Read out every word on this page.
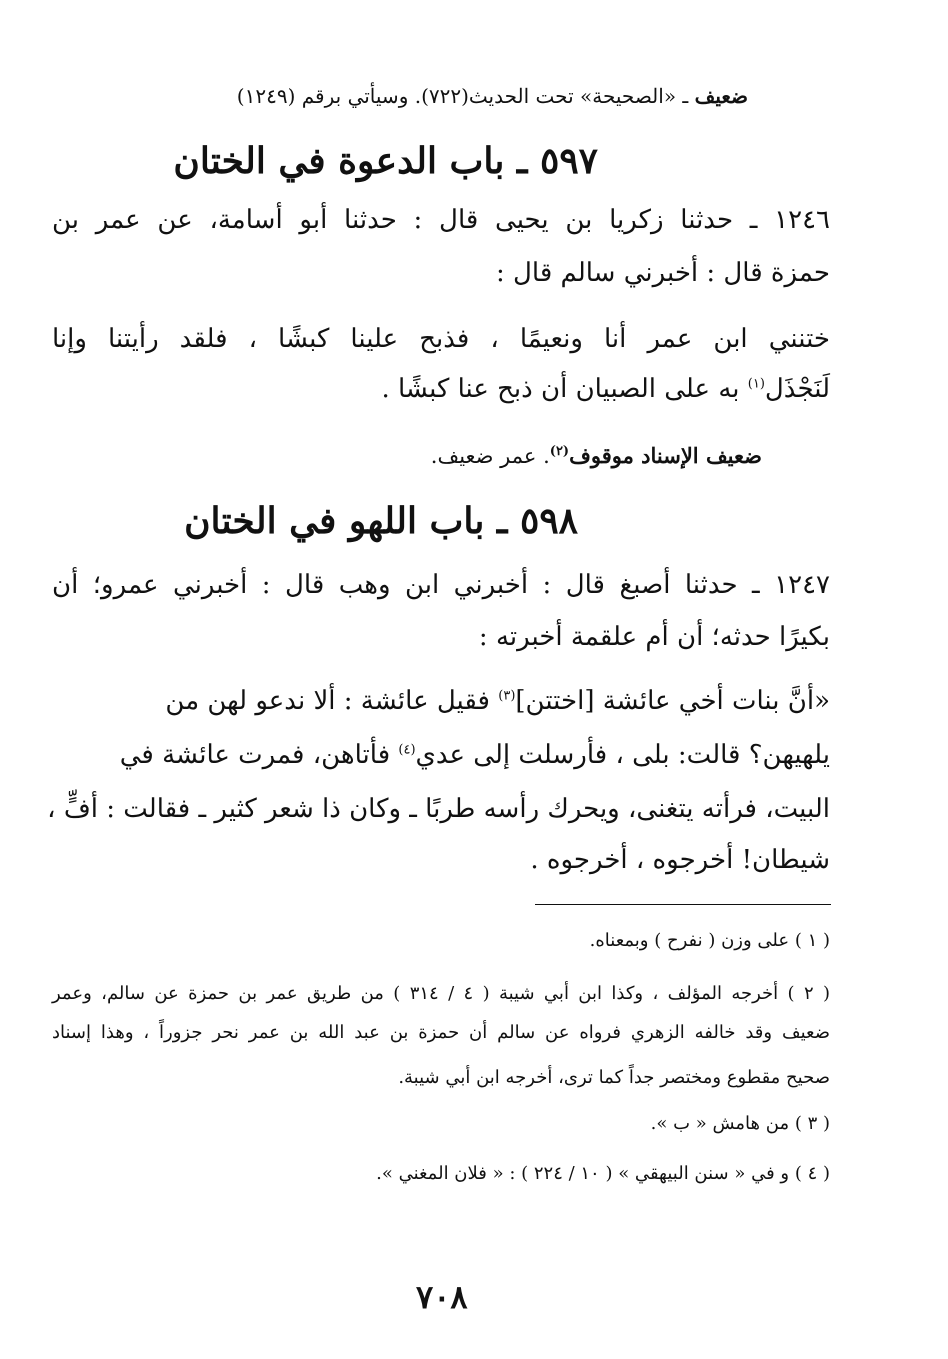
ضعيف ـ «الصحيحة» تحت الحديث(٧٢٢). وسيأتي برقم (١٢٤٩)
٥٩٧ ـ باب الدعوة في الختان
١٢٤٦ ـ حدثنا زكريا بن يحيى قال : حدثنا أبو أسامة، عن عمر بن
حمزة قال : أخبرني سالم قال :
ختنني ابن عمر أنا ونعيمًا ، فذبح علينا كبشًا ، فلقد رأيتنا وإنا
لَنَجْذَل$^{(١)}$ به على الصبيان أن ذبح عنا كبشًا .
ضعيف الإسناد موقوف$^{(٢)}$. عمر ضعيف.
٥٩٨ ـ باب اللهو في الختان
١٢٤٧ ـ حدثنا أصبغ قال : أخبرني ابن وهب قال : أخبرني عمرو؛ أن
بكيرًا حدثه؛ أن أم علقمة أخبرته :
«أنَّ بنات أخي عائشة [اختتن]$^{(٣)}$ فقيل عائشة : ألا ندعو لهن من
يلهيهن؟ قالت: بلى ، فأرسلت إلى عدي$^{(٤)}$ فأتاهن، فمرت عائشة في
البيت، فرأته يتغنى، ويحرك رأسه طربًا ـ وكان ذا شعر كثير ـ فقالت : أفٍّ ،
شيطان! أخرجوه ، أخرجوه .
( ١ ) على وزن ( نفرح ) وبمعناه.
( ٢ ) أخرجه المؤلف ، وكذا ابن أبي شيبة ( ٤ / ٣١٤ ) من طريق عمر بن حمزة عن سالم، وعمر
ضعيف وقد خالفه الزهري فرواه عن سالم أن حمزة بن عبد الله بن عمر نحر جزوراً ، وهذا إسناد
صحيح مقطوع ومختصر جداً كما ترى، أخرجه ابن أبي شيبة.
( ٣ ) من هامش « ب ».
( ٤ ) و في « سنن البيهقي » ( ١٠ / ٢٢٤ ) : « فلان المغني ».
٧٠٨
